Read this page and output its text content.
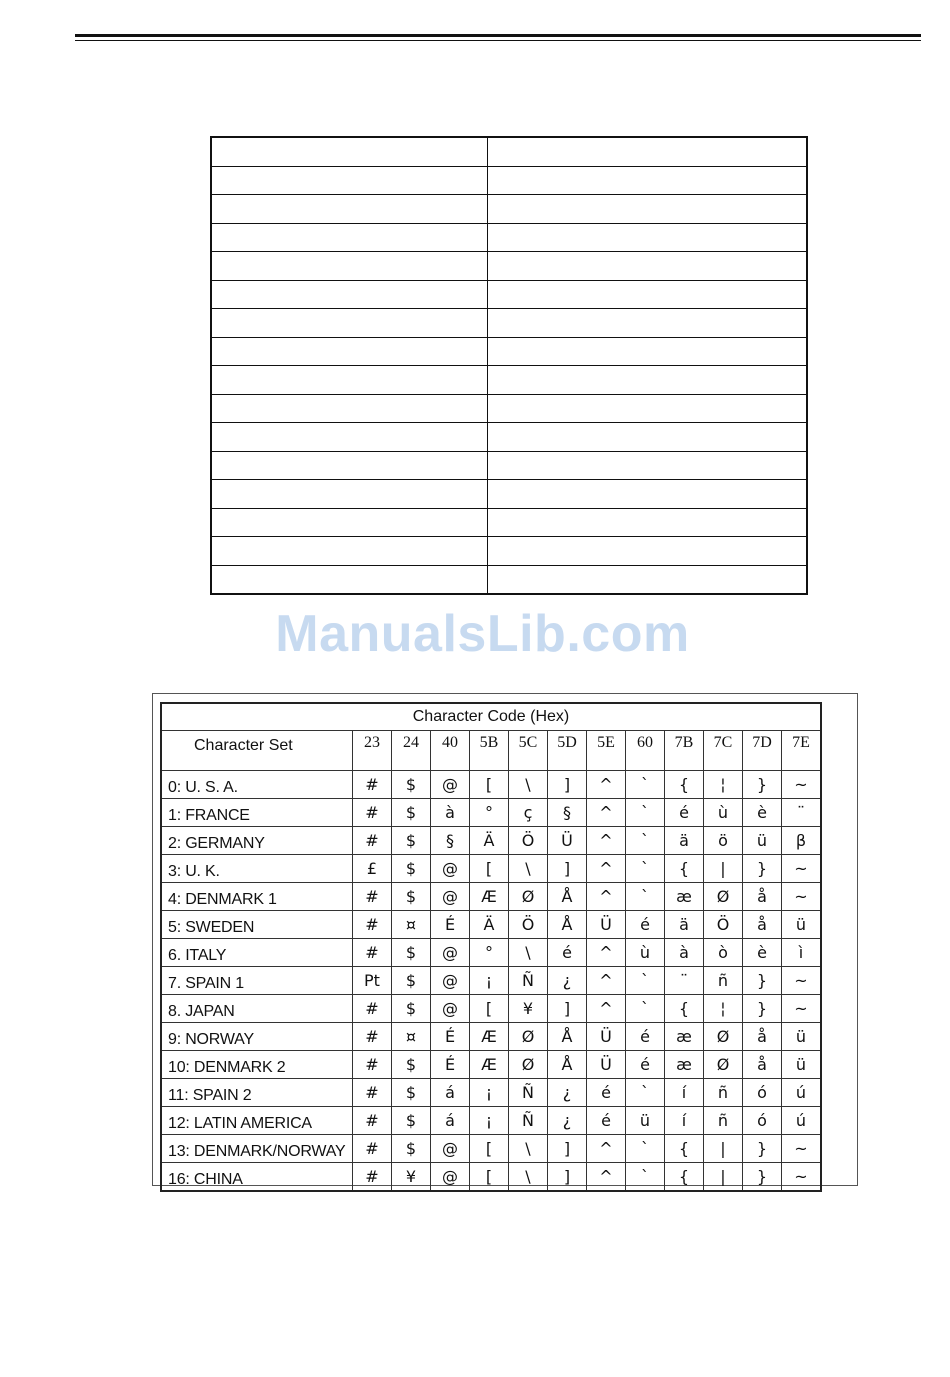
ManualsLib.com
Character Code (Hex)												
Character Set	23	24	40	5B	5C	5D	5E	60	7B	7C	7D	7E
0: U. S. A.	#	$	@	[	\	]	^	`	{	¦	}	~
1: FRANCE	#	$	à	°	ç	§	^	`	é	ù	è	¨
2: GERMANY	#	$	§	Ä	Ö	Ü	^	`	ä	ö	ü	β
3: U. K.	£	$	@	[	\	]	^	`	{	|	}	~
4: DENMARK 1	#	$	@	Æ	Ø	Å	^	`	æ	Ø	å	~
5: SWEDEN	#	¤	É	Ä	Ö	Å	Ü	é	ä	Ö	å	ü
6. ITALY	#	$	@	°	\	é	^	ù	à	ò	è	ì
7. SPAIN 1	Pt	$	@	¡	Ñ	¿	^	`	¨	ñ	}	~
8. JAPAN	#	$	@	[	¥	]	^	`	{	¦	}	~
9: NORWAY	#	¤	É	Æ	Ø	Å	Ü	é	æ	Ø	å	ü
10: DENMARK 2	#	$	É	Æ	Ø	Å	Ü	é	æ	Ø	å	ü
11: SPAIN 2	#	$	á	¡	Ñ	¿	é	`	í	ñ	ó	ú
12: LATIN AMERICA	#	$	á	¡	Ñ	¿	é	ü	í	ñ	ó	ú
13: DENMARK/NORWAY	#	$	@	[	\	]	^	`	{	|	}	~
16: CHINA	#	¥	@	[	\	]	^	`	{	|	}	~
